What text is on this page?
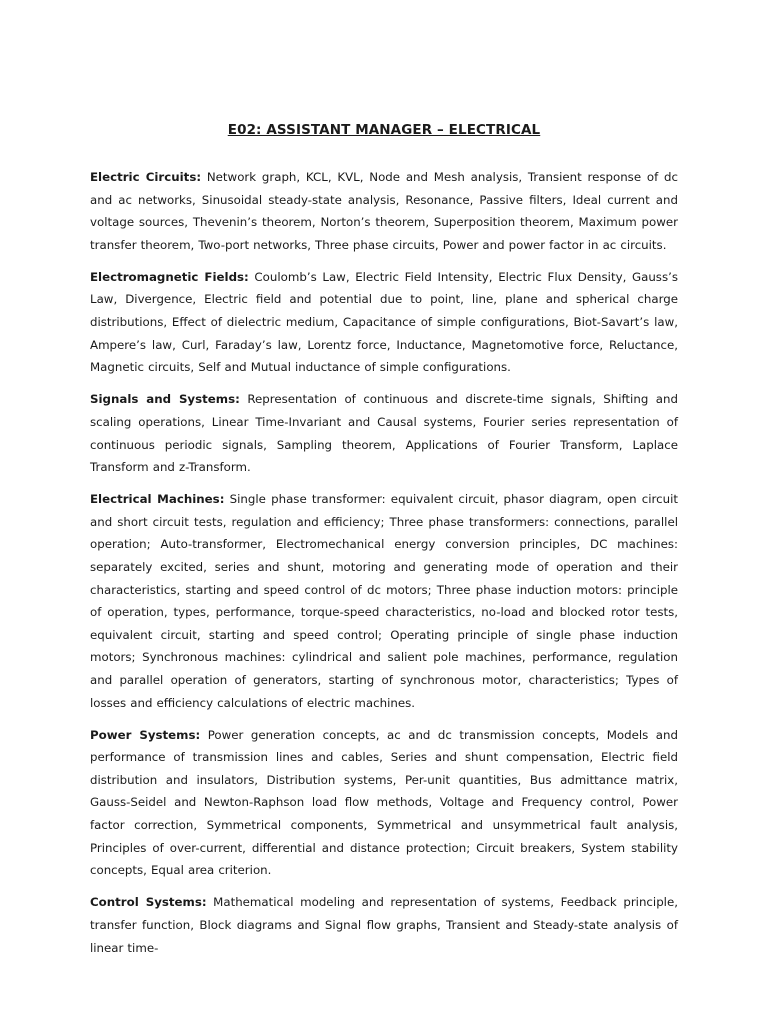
E02: ASSISTANT MANAGER – ELECTRICAL

Electric Circuits: Network graph, KCL, KVL, Node and Mesh analysis, Transient response of dc and ac networks, Sinusoidal steady-state analysis, Resonance, Passive filters, Ideal current and voltage sources, Thevenin’s theorem, Norton’s theorem, Superposition theorem, Maximum power transfer theorem, Two-port networks, Three phase circuits, Power and power factor in ac circuits.

Electromagnetic Fields: Coulomb’s Law, Electric Field Intensity, Electric Flux Density, Gauss’s Law, Divergence, Electric field and potential due to point, line, plane and spherical charge distributions, Effect of dielectric medium, Capacitance of simple configurations, Biot-Savart’s law, Ampere’s law, Curl, Faraday’s law, Lorentz force, Inductance, Magnetomotive force, Reluctance, Magnetic circuits, Self and Mutual inductance of simple configurations.

Signals and Systems: Representation of continuous and discrete-time signals, Shifting and scaling operations, Linear Time-Invariant and Causal systems, Fourier series representation of continuous periodic signals, Sampling theorem, Applications of Fourier Transform, Laplace Transform and z-Transform.

Electrical Machines: Single phase transformer: equivalent circuit, phasor diagram, open circuit and short circuit tests, regulation and efficiency; Three phase transformers: connections, parallel operation; Auto-transformer, Electromechanical energy conversion principles, DC machines: separately excited, series and shunt, motoring and generating mode of operation and their characteristics, starting and speed control of dc motors; Three phase induction motors: principle of operation, types, performance, torque-speed characteristics, no-load and blocked rotor tests, equivalent circuit, starting and speed control; Operating principle of single phase induction motors; Synchronous machines: cylindrical and salient pole machines, performance, regulation and parallel operation of generators, starting of synchronous motor, characteristics; Types of losses and efficiency calculations of electric machines.

Power Systems: Power generation concepts, ac and dc transmission concepts, Models and performance of transmission lines and cables, Series and shunt compensation, Electric field distribution and insulators, Distribution systems, Per-unit quantities, Bus admittance matrix, Gauss-Seidel and Newton-Raphson load flow methods, Voltage and Frequency control, Power factor correction, Symmetrical components, Symmetrical and unsymmetrical fault analysis, Principles of over-current, differential and distance protection; Circuit breakers, System stability concepts, Equal area criterion.

Control Systems: Mathematical modeling and representation of systems, Feedback principle, transfer function, Block diagrams and Signal flow graphs, Transient and Steady-state analysis of linear time-
